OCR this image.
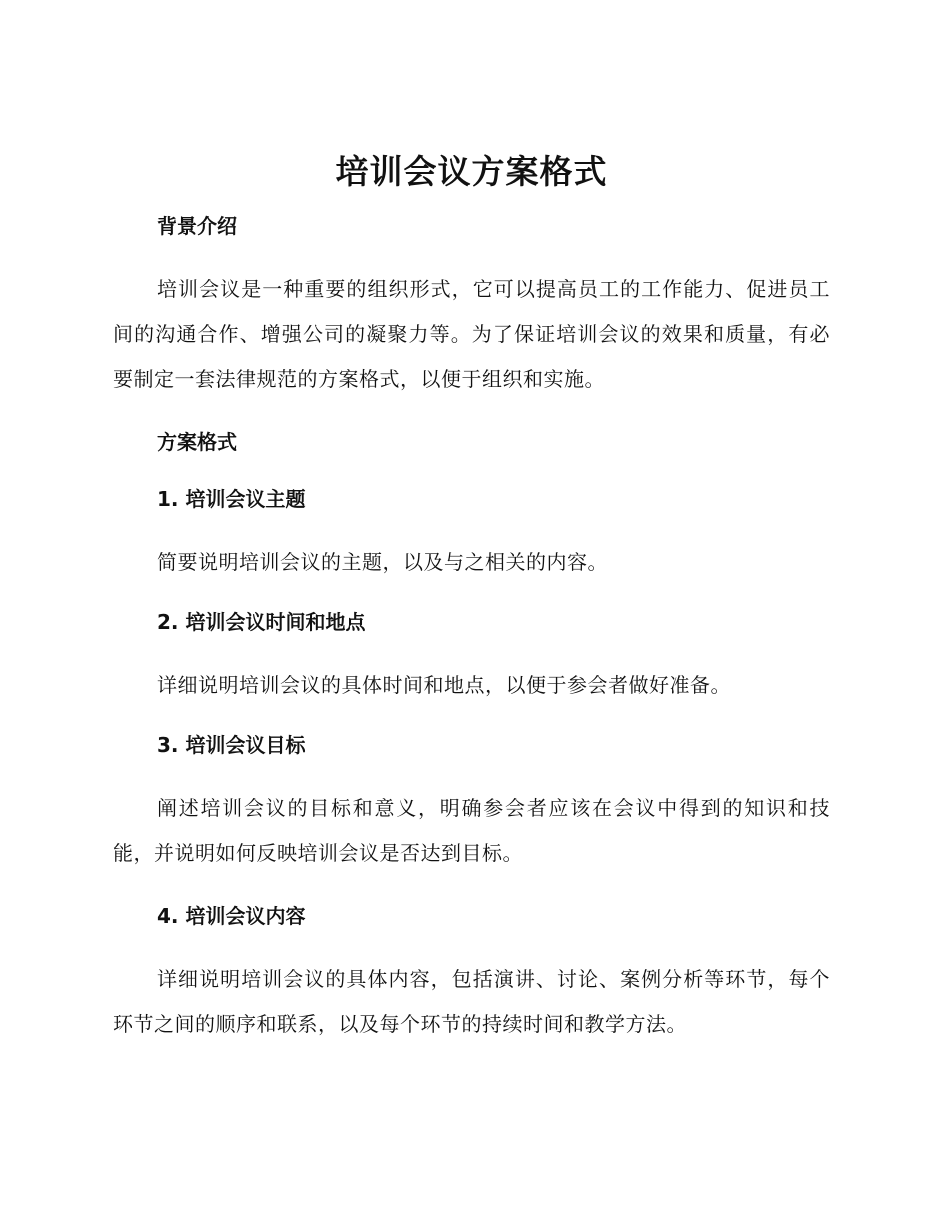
培训会议方案格式
背景介绍

培训会议是一种重要的组织形式，它可以提高员工的工作能力、促进员工间的沟通合作、增强公司的凝聚力等。为了保证培训会议的效果和质量，有必要制定一套法律规范的方案格式，以便于组织和实施。

方案格式
1. 培训会议主题

简要说明培训会议的主题，以及与之相关的内容。

2. 培训会议时间和地点

详细说明培训会议的具体时间和地点，以便于参会者做好准备。

3. 培训会议目标

阐述培训会议的目标和意义，明确参会者应该在会议中得到的知识和技能，并说明如何反映培训会议是否达到目标。

4. 培训会议内容

详细说明培训会议的具体内容，包括演讲、讨论、案例分析等环节，每个环节之间的顺序和联系，以及每个环节的持续时间和教学方法。
